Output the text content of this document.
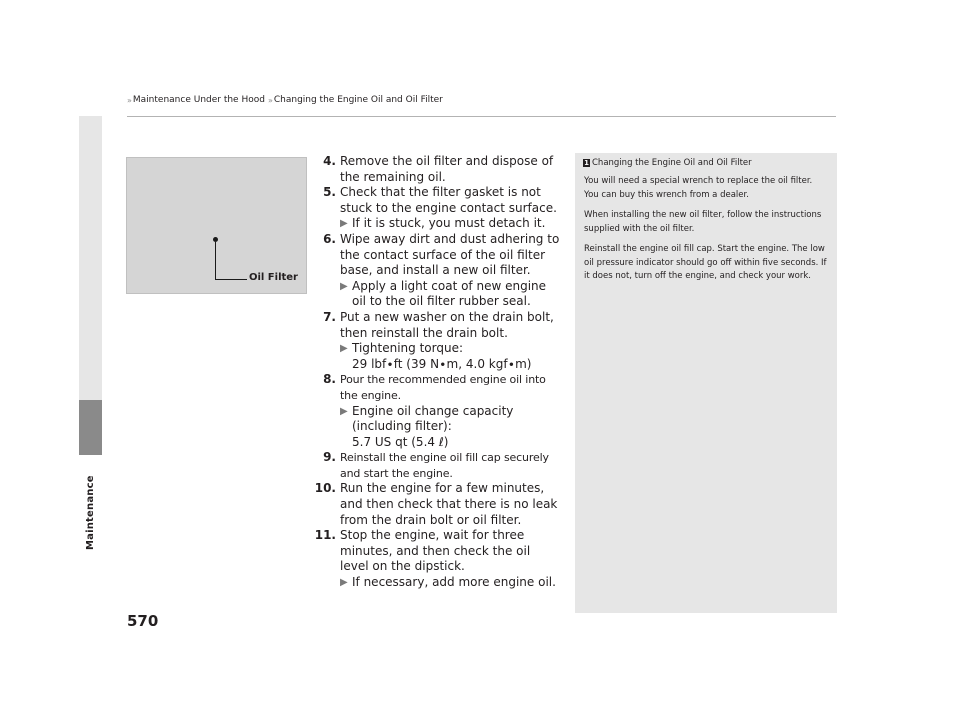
» Maintenance Under the Hood » Changing the Engine Oil and Oil Filter
Maintenance
Oil Filter
4. Remove the oil filter and dispose of the remaining oil.
5. Check that the filter gasket is not stuck to the engine contact surface.
▶ If it is stuck, you must detach it.
6. Wipe away dirt and dust adhering to the contact surface of the oil filter base, and install a new oil filter.
▶ Apply a light coat of new engine oil to the oil filter rubber seal.
7. Put a new washer on the drain bolt, then reinstall the drain bolt.
▶ Tightening torque:
29 lbf∙ft (39 N∙m, 4.0 kgf∙m)
8. Pour the recommended engine oil into the engine.
▶ Engine oil change capacity (including filter):
5.7 US qt (5.4 ℓ)
9. Reinstall the engine oil fill cap securely and start the engine.
10. Run the engine for a few minutes, and then check that there is no leak from the drain bolt or oil filter.
11. Stop the engine, wait for three minutes, and then check the oil level on the dipstick.
▶ If necessary, add more engine oil.
1 Changing the Engine Oil and Oil Filter

You will need a special wrench to replace the oil filter. You can buy this wrench from a dealer.

When installing the new oil filter, follow the instructions supplied with the oil filter.

Reinstall the engine oil fill cap. Start the engine. The low oil pressure indicator should go off within five seconds. If it does not, turn off the engine, and check your work.

570
